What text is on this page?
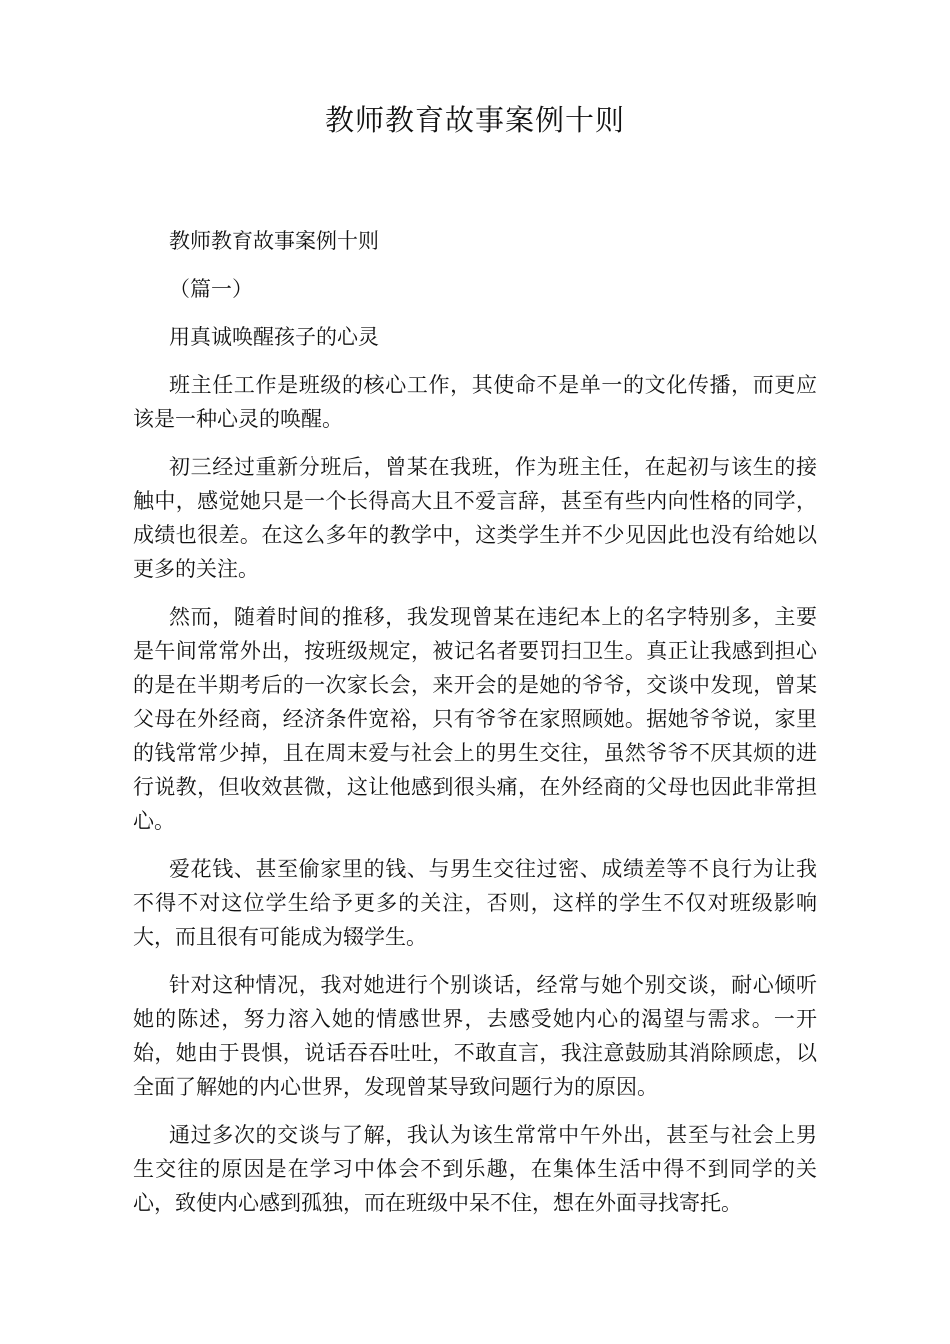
教师教育故事案例十则

教师教育故事案例十则

（篇一）

用真诚唤醒孩子的心灵

班主任工作是班级的核心工作，其使命不是单一的文化传播，而更应该是一种心灵的唤醒。

初三经过重新分班后，曾某在我班，作为班主任，在起初与该生的接触中，感觉她只是一个长得高大且不爱言辞，甚至有些内向性格的同学，成绩也很差。在这么多年的教学中，这类学生并不少见因此也没有给她以更多的关注。

然而，随着时间的推移，我发现曾某在违纪本上的名字特别多，主要是午间常常外出，按班级规定，被记名者要罚扫卫生。真正让我感到担心的是在半期考后的一次家长会，来开会的是她的爷爷，交谈中发现，曾某父母在外经商，经济条件宽裕，只有爷爷在家照顾她。据她爷爷说，家里的钱常常少掉，且在周末爱与社会上的男生交往，虽然爷爷不厌其烦的进行说教，但收效甚微，这让他感到很头痛，在外经商的父母也因此非常担心。

爱花钱、甚至偷家里的钱、与男生交往过密、成绩差等不良行为让我不得不对这位学生给予更多的关注，否则，这样的学生不仅对班级影响大，而且很有可能成为辍学生。

针对这种情况，我对她进行个别谈话，经常与她个别交谈，耐心倾听她的陈述，努力溶入她的情感世界，去感受她内心的渴望与需求。一开始，她由于畏惧，说话吞吞吐吐，不敢直言，我注意鼓励其消除顾虑，以全面了解她的内心世界，发现曾某导致问题行为的原因。

通过多次的交谈与了解，我认为该生常常中午外出，甚至与社会上男生交往的原因是在学习中体会不到乐趣，在集体生活中得不到同学的关心，致使内心感到孤独，而在班级中呆不住，想在外面寻找寄托。
